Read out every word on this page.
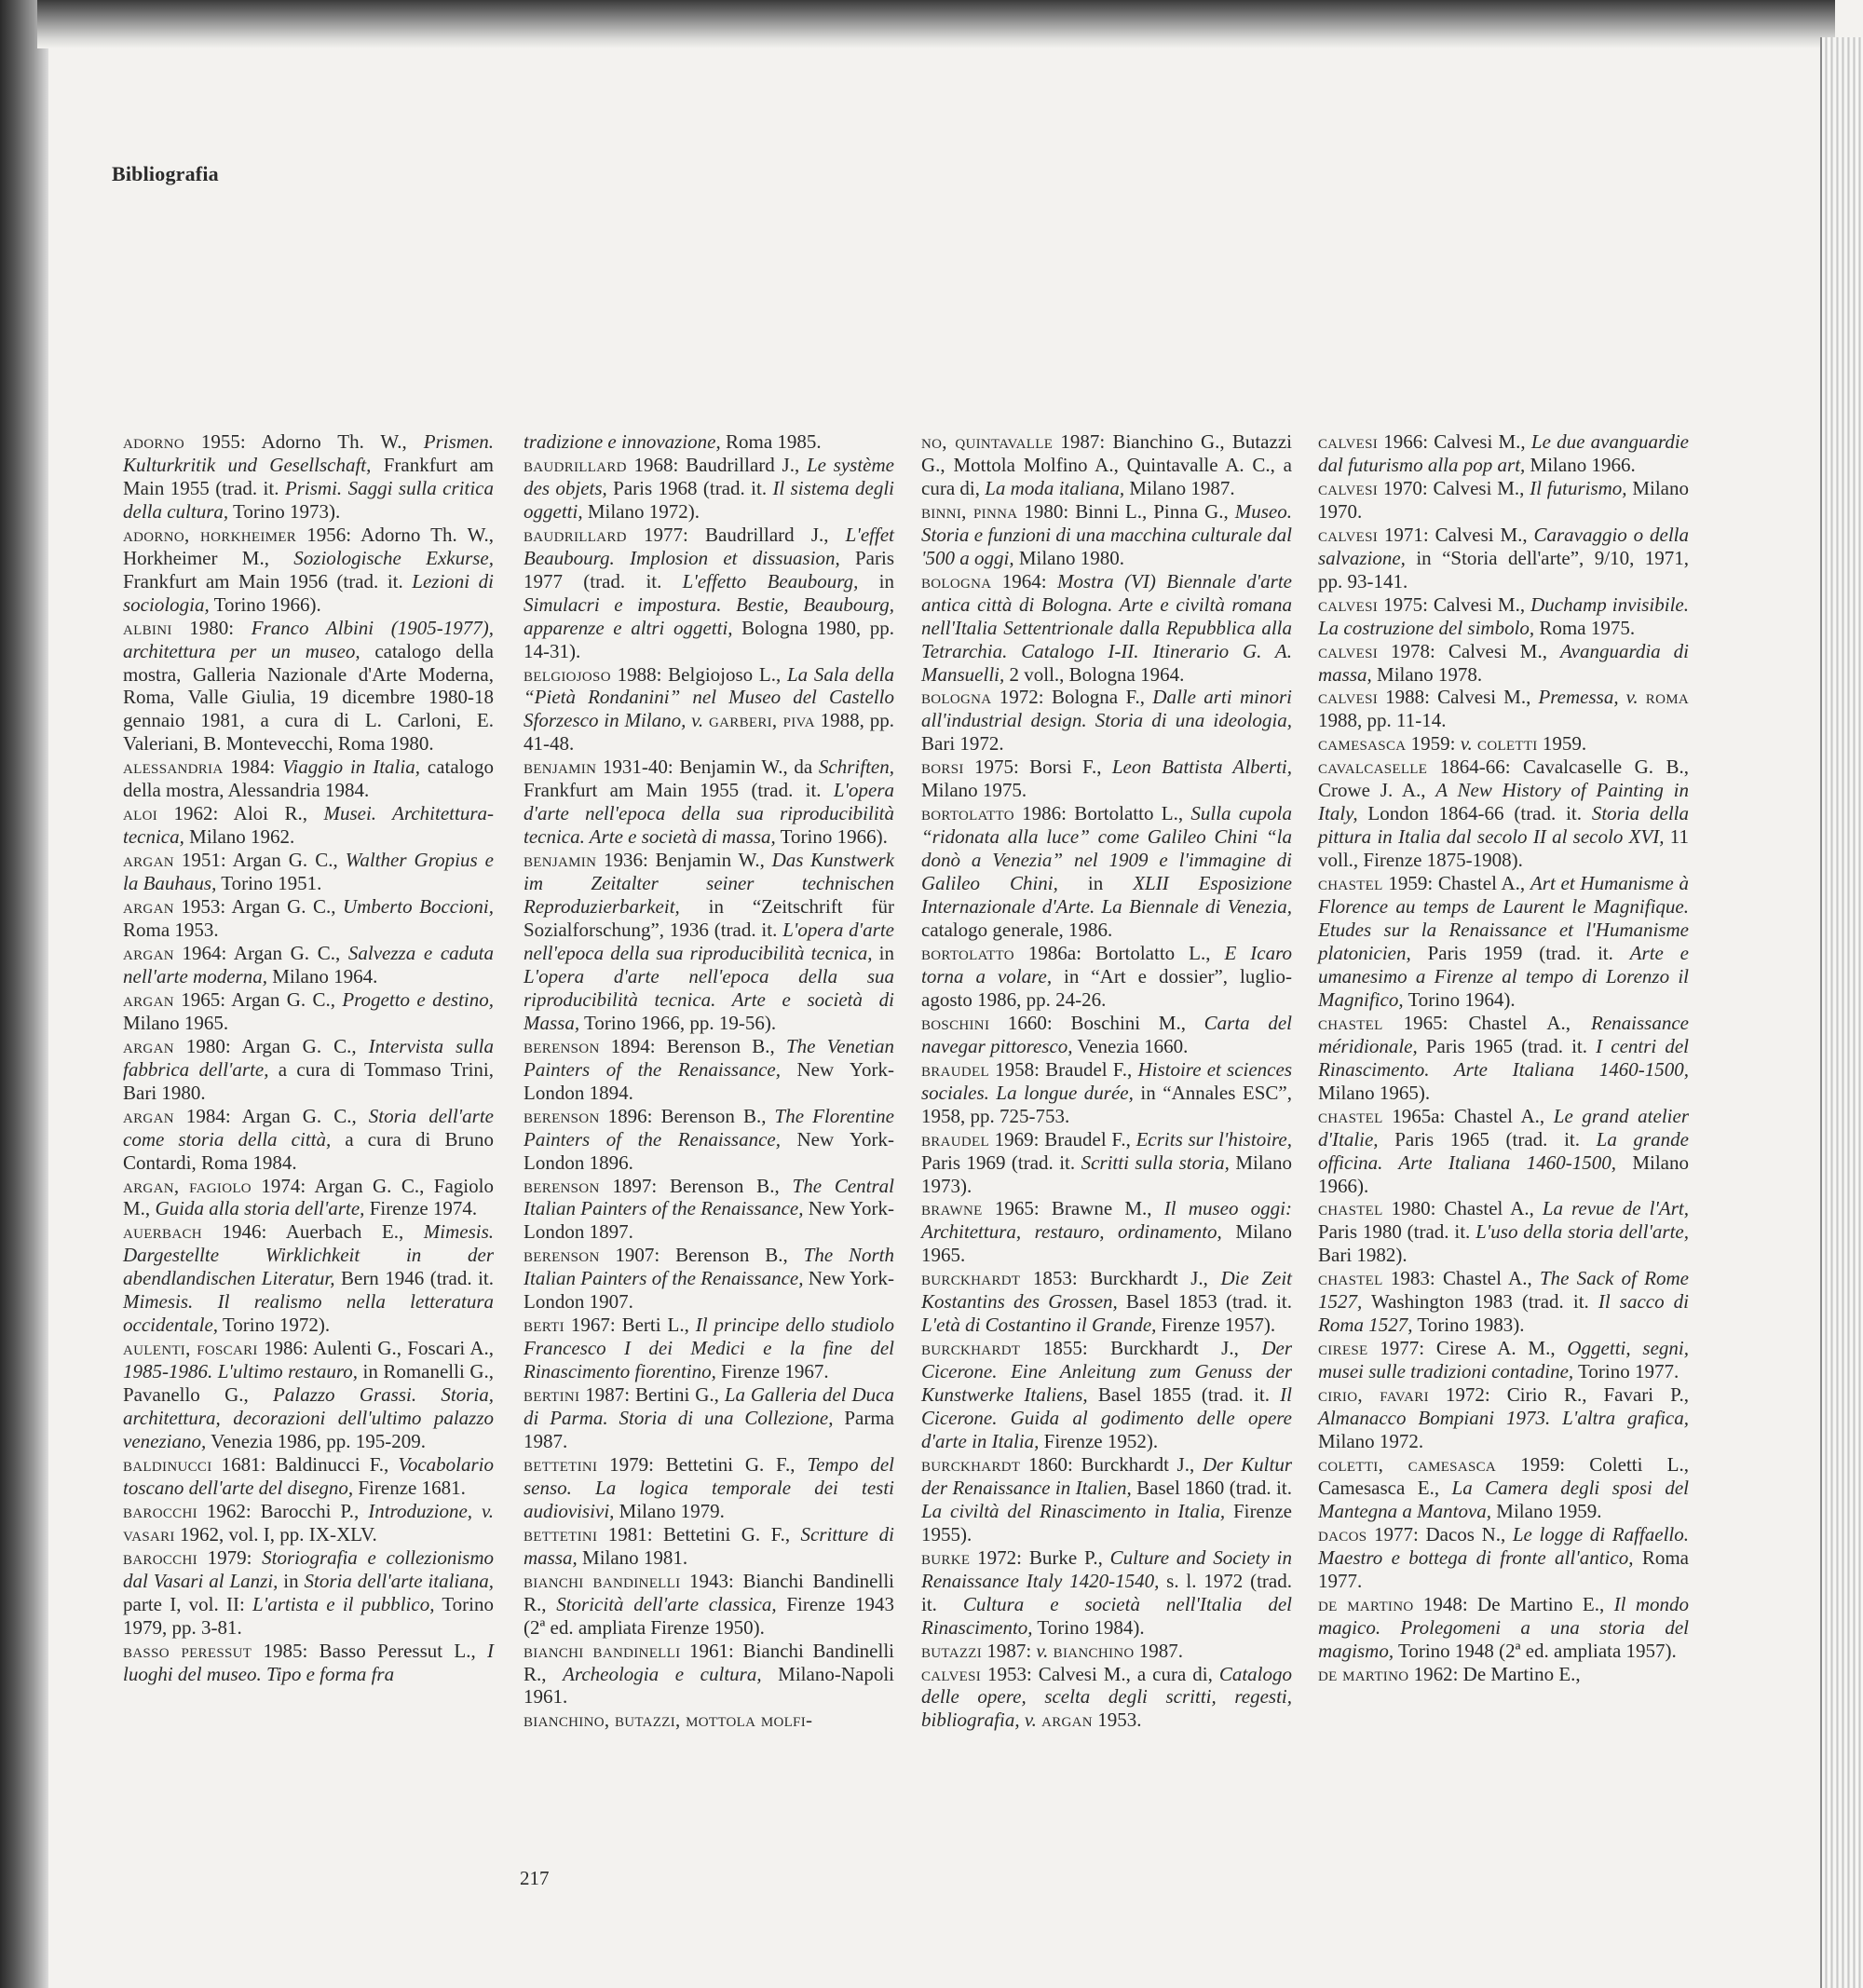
Bibliografia

adorno 1955: Adorno Th. W., Prismen. Kulturkritik und Gesellschaft, Frankfurt am Main 1955 (trad. it. Prismi. Saggi sulla critica della cultura, Torino 1973).

adorno, horkheimer 1956: Adorno Th. W., Horkheimer M., Soziologische Exkurse, Frankfurt am Main 1956 (trad. it. Lezioni di sociologia, Torino 1966).

albini 1980: Franco Albini (1905-1977), architettura per un museo, catalogo della mostra, Galleria Nazionale d'Arte Moderna, Roma, Valle Giulia, 19 dicembre 1980-18 gennaio 1981, a cura di L. Carloni, E. Valeriani, B. Montevecchi, Roma 1980.

alessandria 1984: Viaggio in Italia, catalogo della mostra, Alessandria 1984.

aloi 1962: Aloi R., Musei. Architettura-tecnica, Milano 1962.

argan 1951: Argan G. C., Walther Gropius e la Bauhaus, Torino 1951.

argan 1953: Argan G. C., Umberto Boccioni, Roma 1953.

argan 1964: Argan G. C., Salvezza e caduta nell'arte moderna, Milano 1964.

argan 1965: Argan G. C., Progetto e destino, Milano 1965.

argan 1980: Argan G. C., Intervista sulla fabbrica dell'arte, a cura di Tommaso Trini, Bari 1980.

argan 1984: Argan G. C., Storia dell'arte come storia della città, a cura di Bruno Contardi, Roma 1984.

argan, fagiolo 1974: Argan G. C., Fagiolo M., Guida alla storia dell'arte, Firenze 1974.

auerbach 1946: Auerbach E., Mimesis. Dargestellte Wirklichkeit in der abendlandischen Literatur, Bern 1946 (trad. it. Mimesis. Il realismo nella letteratura occidentale, Torino 1972).

aulenti, foscari 1986: Aulenti G., Foscari A., 1985-1986. L'ultimo restauro, in Romanelli G., Pavanello G., Palazzo Grassi. Storia, architettura, decorazioni dell'ultimo palazzo veneziano, Venezia 1986, pp. 195-209.

baldinucci 1681: Baldinucci F., Vocabolario toscano dell'arte del disegno, Firenze 1681.

barocchi 1962: Barocchi P., Introduzione, v. vasari 1962, vol. I, pp. IX-XLV.

barocchi 1979: Storiografia e collezionismo dal Vasari al Lanzi, in Storia dell'arte italiana, parte I, vol. II: L'artista e il pubblico, Torino 1979, pp. 3-81.

basso peressut 1985: Basso Peressut L., I luoghi del museo. Tipo e forma fra

tradizione e innovazione, Roma 1985.

baudrillard 1968: Baudrillard J., Le système des objets, Paris 1968 (trad. it. Il sistema degli oggetti, Milano 1972).

baudrillard 1977: Baudrillard J., L'effet Beaubourg. Implosion et dissuasion, Paris 1977 (trad. it. L'effetto Beaubourg, in Simulacri e impostura. Bestie, Beaubourg, apparenze e altri oggetti, Bologna 1980, pp. 14-31).

belgiojoso 1988: Belgiojoso L., La Sala della “Pietà Rondanini” nel Museo del Castello Sforzesco in Milano, v. garberi, piva 1988, pp. 41-48.

benjamin 1931-40: Benjamin W., da Schriften, Frankfurt am Main 1955 (trad. it. L'opera d'arte nell'epoca della sua riproducibilità tecnica. Arte e società di massa, Torino 1966).

benjamin 1936: Benjamin W., Das Kunstwerk im Zeitalter seiner technischen Reproduzierbarkeit, in “Zeitschrift für Sozialforschung”, 1936 (trad. it. L'opera d'arte nell'epoca della sua riproducibilità tecnica, in L'opera d'arte nell'epoca della sua riproducibilità tecnica. Arte e società di Massa, Torino 1966, pp. 19-56).

berenson 1894: Berenson B., The Venetian Painters of the Renaissance, New York-London 1894.

berenson 1896: Berenson B., The Florentine Painters of the Renaissance, New York-London 1896.

berenson 1897: Berenson B., The Central Italian Painters of the Renaissance, New York-London 1897.

berenson 1907: Berenson B., The North Italian Painters of the Renaissance, New York-London 1907.

berti 1967: Berti L., Il principe dello studiolo Francesco I dei Medici e la fine del Rinascimento fiorentino, Firenze 1967.

bertini 1987: Bertini G., La Galleria del Duca di Parma. Storia di una Collezione, Parma 1987.

bettetini 1979: Bettetini G. F., Tempo del senso. La logica temporale dei testi audiovisivi, Milano 1979.

bettetini 1981: Bettetini G. F., Scritture di massa, Milano 1981.

bianchi bandinelli 1943: Bianchi Bandinelli R., Storicità dell'arte classica, Firenze 1943 (2ª ed. ampliata Firenze 1950).

bianchi bandinelli 1961: Bianchi Bandinelli R., Archeologia e cultura, Milano-Napoli 1961.

bianchino, butazzi, mottola molfi-

no, quintavalle 1987: Bianchino G., Butazzi G., Mottola Molfino A., Quintavalle A. C., a cura di, La moda italiana, Milano 1987.

binni, pinna 1980: Binni L., Pinna G., Museo. Storia e funzioni di una macchina culturale dal '500 a oggi, Milano 1980.

bologna 1964: Mostra (VI) Biennale d'arte antica città di Bologna. Arte e civiltà romana nell'Italia Settentrionale dalla Repubblica alla Tetrarchia. Catalogo I-II. Itinerario G. A. Mansuelli, 2 voll., Bologna 1964.

bologna 1972: Bologna F., Dalle arti minori all'industrial design. Storia di una ideologia, Bari 1972.

borsi 1975: Borsi F., Leon Battista Alberti, Milano 1975.

bortolatto 1986: Bortolatto L., Sulla cupola “ridonata alla luce” come Galileo Chini “la donò a Venezia” nel 1909 e l'immagine di Galileo Chini, in XLII Esposizione Internazionale d'Arte. La Biennale di Venezia, catalogo generale, 1986.

bortolatto 1986a: Bortolatto L., E Icaro torna a volare, in “Art e dossier”, luglio-agosto 1986, pp. 24-26.

boschini 1660: Boschini M., Carta del navegar pittoresco, Venezia 1660.

braudel 1958: Braudel F., Histoire et sciences sociales. La longue durée, in “Annales ESC”, 1958, pp. 725-753.

braudel 1969: Braudel F., Ecrits sur l'histoire, Paris 1969 (trad. it. Scritti sulla storia, Milano 1973).

brawne 1965: Brawne M., Il museo oggi: Architettura, restauro, ordinamento, Milano 1965.

burckhardt 1853: Burckhardt J., Die Zeit Kostantins des Grossen, Basel 1853 (trad. it. L'età di Costantino il Grande, Firenze 1957).

burckhardt 1855: Burckhardt J., Der Cicerone. Eine Anleitung zum Genuss der Kunstwerke Italiens, Basel 1855 (trad. it. Il Cicerone. Guida al godimento delle opere d'arte in Italia, Firenze 1952).

burckhardt 1860: Burckhardt J., Der Kultur der Renaissance in Italien, Basel 1860 (trad. it. La civiltà del Rinascimento in Italia, Firenze 1955).

burke 1972: Burke P., Culture and Society in Renaissance Italy 1420-1540, s. l. 1972 (trad. it. Cultura e società nell'Italia del Rinascimento, Torino 1984).

butazzi 1987: v. bianchino 1987.

calvesi 1953: Calvesi M., a cura di, Catalogo delle opere, scelta degli scritti, regesti, bibliografia, v. argan 1953.

calvesi 1966: Calvesi M., Le due avanguardie dal futurismo alla pop art, Milano 1966.

calvesi 1970: Calvesi M., Il futurismo, Milano 1970.

calvesi 1971: Calvesi M., Caravaggio o della salvazione, in “Storia dell'arte”, 9/10, 1971, pp. 93-141.

calvesi 1975: Calvesi M., Duchamp invisibile. La costruzione del simbolo, Roma 1975.

calvesi 1978: Calvesi M., Avanguardia di massa, Milano 1978.

calvesi 1988: Calvesi M., Premessa, v. roma 1988, pp. 11-14.

camesasca 1959: v. coletti 1959.

cavalcaselle 1864-66: Cavalcaselle G. B., Crowe J. A., A New History of Painting in Italy, London 1864-66 (trad. it. Storia della pittura in Italia dal secolo II al secolo XVI, 11 voll., Firenze 1875-1908).

chastel 1959: Chastel A., Art et Humanisme à Florence au temps de Laurent le Magnifique. Etudes sur la Renaissance et l'Humanisme platonicien, Paris 1959 (trad. it. Arte e umanesimo a Firenze al tempo di Lorenzo il Magnifico, Torino 1964).

chastel 1965: Chastel A., Renaissance méridionale, Paris 1965 (trad. it. I centri del Rinascimento. Arte Italiana 1460-1500, Milano 1965).

chastel 1965a: Chastel A., Le grand atelier d'Italie, Paris 1965 (trad. it. La grande officina. Arte Italiana 1460-1500, Milano 1966).

chastel 1980: Chastel A., La revue de l'Art, Paris 1980 (trad. it. L'uso della storia dell'arte, Bari 1982).

chastel 1983: Chastel A., The Sack of Rome 1527, Washington 1983 (trad. it. Il sacco di Roma 1527, Torino 1983).

cirese 1977: Cirese A. M., Oggetti, segni, musei sulle tradizioni contadine, Torino 1977.

cirio, favari 1972: Cirio R., Favari P., Almanacco Bompiani 1973. L'altra grafica, Milano 1972.

coletti, camesasca 1959: Coletti L., Camesasca E., La Camera degli sposi del Mantegna a Mantova, Milano 1959.

dacos 1977: Dacos N., Le logge di Raffaello. Maestro e bottega di fronte all'antico, Roma 1977.

de martino 1948: De Martino E., Il mondo magico. Prolegomeni a una storia del magismo, Torino 1948 (2ª ed. ampliata 1957).

de martino 1962: De Martino E.,

217
